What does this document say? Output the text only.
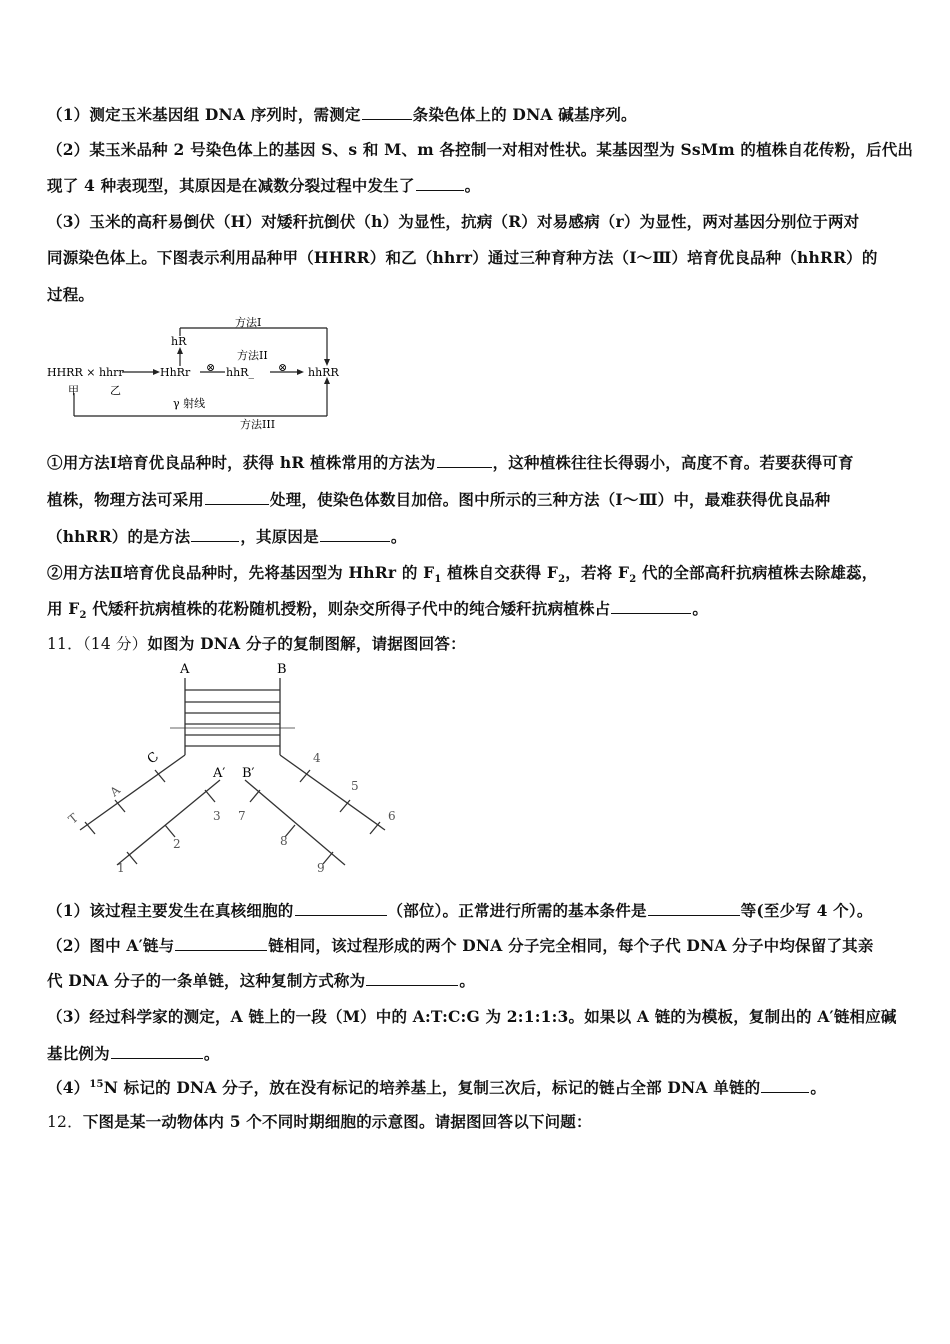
（1）测定玉米基因组 DNA 序列时，需测定	条染色体上的 DNA 碱基序列。
（2）某玉米品种 2 号染色体上的基因 S、s 和 M、m 各控制一对相对性状。某基因型为 SsMm 的植株自花传粉，后代出
现了 4 种表现型，其原因是在减数分裂过程中发生了	。
（3）玉米的高秆易倒伏（H）对矮秆抗倒伏（h）为显性，抗病（R）对易感病（r）为显性，两对基因分别位于两对
同源染色体上。下图表示利用品种甲（HHRR）和乙（hhrr）通过三种育种方法（Ⅰ～Ⅲ）培育优良品种（hhRR）的
过程。
方法I
hR
方法II
⊗	⊗
HHRR × hhrr	HhRr	hhR_	hhRR
甲	乙
γ 射线
方法III
①用方法Ⅰ培育优良品种时，获得 hR 植株常用的方法为	，这种植株往往长得弱小，高度不育。若要获得可育
植株，物理方法可采用	处理，使染色体数目加倍。图中所示的三种方法（Ⅰ～Ⅲ）中，最难获得优良品种
（hhRR）的是方法	，其原因是	。
②用方法Ⅱ培育优良品种时，先将基因型为 HhRr 的 $F_1$ 植株自交获得 $F_2$，若将 $F_2$ 代的全部高秆抗病植株去除雄蕊，
用 $F_2$ 代矮秆抗病植株的花粉随机授粉，则杂交所得子代中的纯合矮秆抗病植株占	。
11．（14 分）如图为 DNA 分子的复制图解，请据图回答：
A	B
A′ B′
C
A
T	3
2
1
4
5
6
7
8
9
（1）该过程主要发生在真核细胞的	（部位）。正常进行所需的基本条件是	等(至少写 4 个）。
（2）图中 A′链与	链相同，该过程形成的两个 DNA 分子完全相同，每个子代 DNA 分子中均保留了其亲
代 DNA 分子的一条单链，这种复制方式称为	。
（3）经过科学家的测定，A 链上的一段（M）中的 A:T:C:G 为 2:1:1:3。如果以 A 链的为模板，复制出的 A′链相应碱
基比例为	。
$(4)^{15}N$ 标记的 DNA 分子，放在没有标记的培养基上，复制三次后，标记的链占全部 DNA 单链的	。
12．下图是某一动物体内 5 个不同时期细胞的示意图。请据图回答以下问题：
